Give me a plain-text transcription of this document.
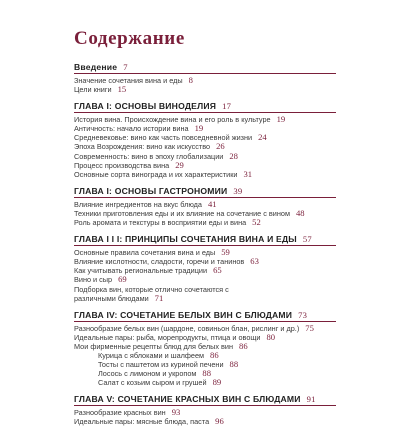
Содержание
Введение 7
Значение сочетания вина и еды 8
Цели книги 15
ГЛАВА I: ОСНОВЫ ВИНОДЕЛИЯ 17
История вина. Происхождение вина и его роль в культуре 19
Античность: начало истории вина 19
Средневековье: вино как часть повседневной жизни 24
Эпоха Возрождения: вино как искусство 26
Современность: вино в эпоху глобализации 28
Процесс производства вина 29
Основные сорта винограда и их характеристики 31
ГЛАВА I: ОСНОВЫ ГАСТРОНОМИИ 39
Влияние ингредиентов на вкус блюда 41
Техники приготовления еды и их влияние на сочетание с вином 48
Роль аромата и текстуры в восприятии еды и вина 52
ГЛАВА I I I: ПРИНЦИПЫ СОЧЕТАНИЯ ВИНА И ЕДЫ 57
Основные правила сочетания вина и еды 59
Влияние кислотности, сладости, горечи и танинов 63
Как учитывать региональные традиции 65
Вино и сыр 69
Подборка вин, которые отлично сочетаются с различными блюдами 71
ГЛАВА IV: СОЧЕТАНИЕ БЕЛЫХ ВИН С БЛЮДАМИ 73
Разнообразие белых вин (шардоне, совиньон блан, рислинг и др.) 75
Идеальные пары: рыба, морепродукты, птица и овощи 80
Мои фирменные рецепты блюд для белых вин 86
Курица с яблоками и шалфеем 86
Тосты с паштетом из куриной печени 88
Лосось с лимоном и укропом 88
Салат с козьим сыром и грушей 89
ГЛАВА V: СОЧЕТАНИЕ КРАСНЫХ ВИН С БЛЮДАМИ 91
Разнообразие красных вин 93
Идеальные пары: мясные блюда, паста 96
